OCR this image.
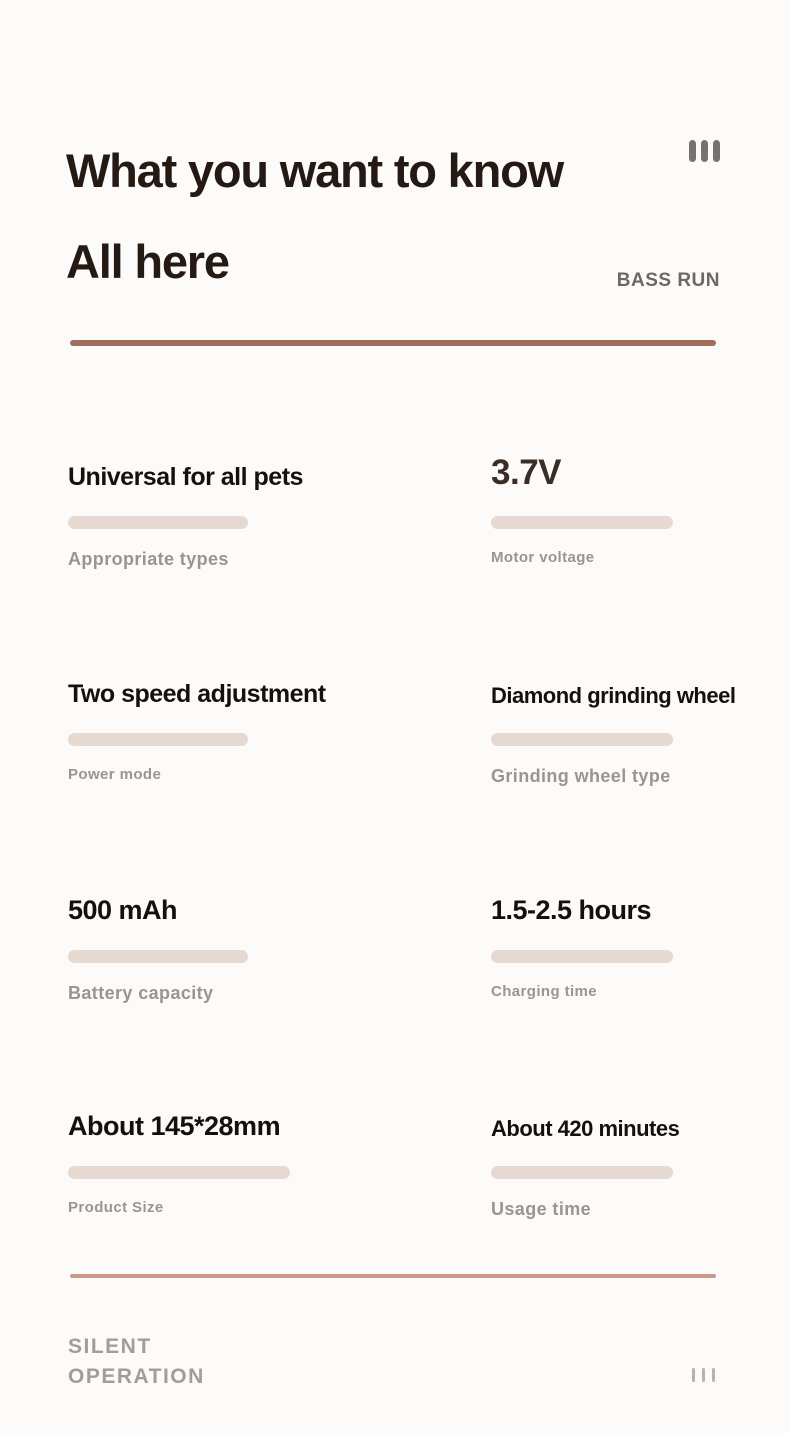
What you want to know
All here	BASS RUN
Universal for all pets
Appropriate types
3.7V
Motor voltage
Two speed adjustment
Power mode
Diamond grinding wheel
Grinding wheel type
500 mAh
Battery capacity
1.5-2.5 hours
Charging time
About 145*28mm
Product Size
About 420 minutes
Usage time
SILENT
OPERATION
